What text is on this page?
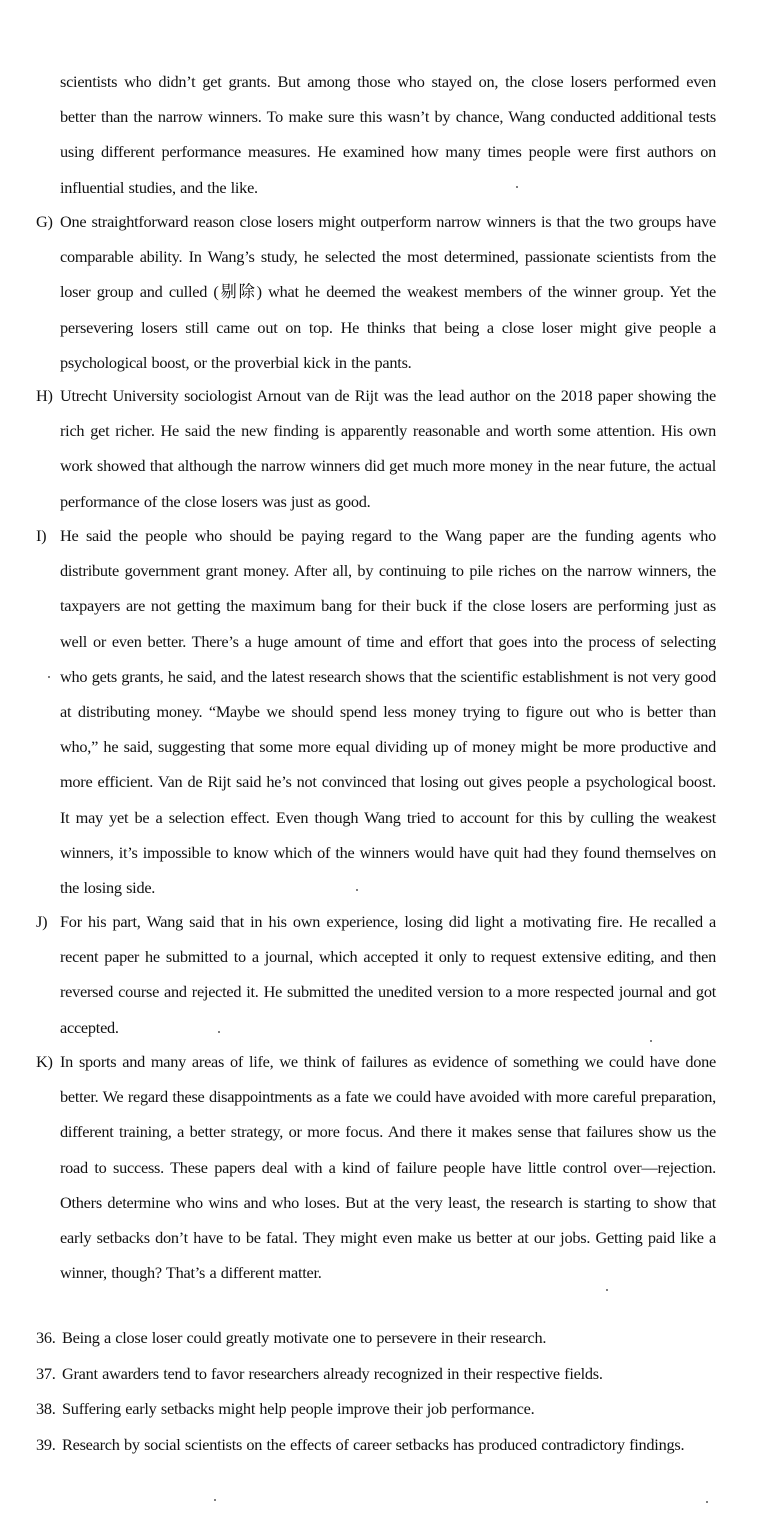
scientists who didn’t get grants. But among those who stayed on, the close losers performed even better than the narrow winners. To make sure this wasn’t by chance, Wang conducted additional tests using different performance measures. He examined how many times people were first authors on influential studies, and the like.
G) One straightforward reason close losers might outperform narrow winners is that the two groups have comparable ability. In Wang’s study, he selected the most determined, passionate scientists from the loser group and culled (剔除) what he deemed the weakest members of the winner group. Yet the persevering losers still came out on top. He thinks that being a close loser might give people a psychological boost, or the proverbial kick in the pants.
H) Utrecht University sociologist Arnout van de Rijt was the lead author on the 2018 paper showing the rich get richer. He said the new finding is apparently reasonable and worth some attention. His own work showed that although the narrow winners did get much more money in the near future, the actual performance of the close losers was just as good.
I) He said the people who should be paying regard to the Wang paper are the funding agents who distribute government grant money. After all, by continuing to pile riches on the narrow winners, the taxpayers are not getting the maximum bang for their buck if the close losers are performing just as well or even better. There’s a huge amount of time and effort that goes into the process of selecting who gets grants, he said, and the latest research shows that the scientific establishment is not very good at distributing money. “Maybe we should spend less money trying to figure out who is better than who,” he said, suggesting that some more equal dividing up of money might be more productive and more efficient. Van de Rijt said he’s not convinced that losing out gives people a psychological boost. It may yet be a selection effect. Even though Wang tried to account for this by culling the weakest winners, it’s impossible to know which of the winners would have quit had they found themselves on the losing side.
J) For his part, Wang said that in his own experience, losing did light a motivating fire. He recalled a recent paper he submitted to a journal, which accepted it only to request extensive editing, and then reversed course and rejected it. He submitted the unedited version to a more respected journal and got accepted.
K) In sports and many areas of life, we think of failures as evidence of something we could have done better. We regard these disappointments as a fate we could have avoided with more careful preparation, different training, a better strategy, or more focus. And there it makes sense that failures show us the road to success. These papers deal with a kind of failure people have little control over—rejection. Others determine who wins and who loses. But at the very least, the research is starting to show that early setbacks don’t have to be fatal. They might even make us better at our jobs. Getting paid like a winner, though? That’s a different matter.
36. Being a close loser could greatly motivate one to persevere in their research.
37. Grant awarders tend to favor researchers already recognized in their respective fields.
38. Suffering early setbacks might help people improve their job performance.
39. Research by social scientists on the effects of career setbacks has produced contradictory findings.
